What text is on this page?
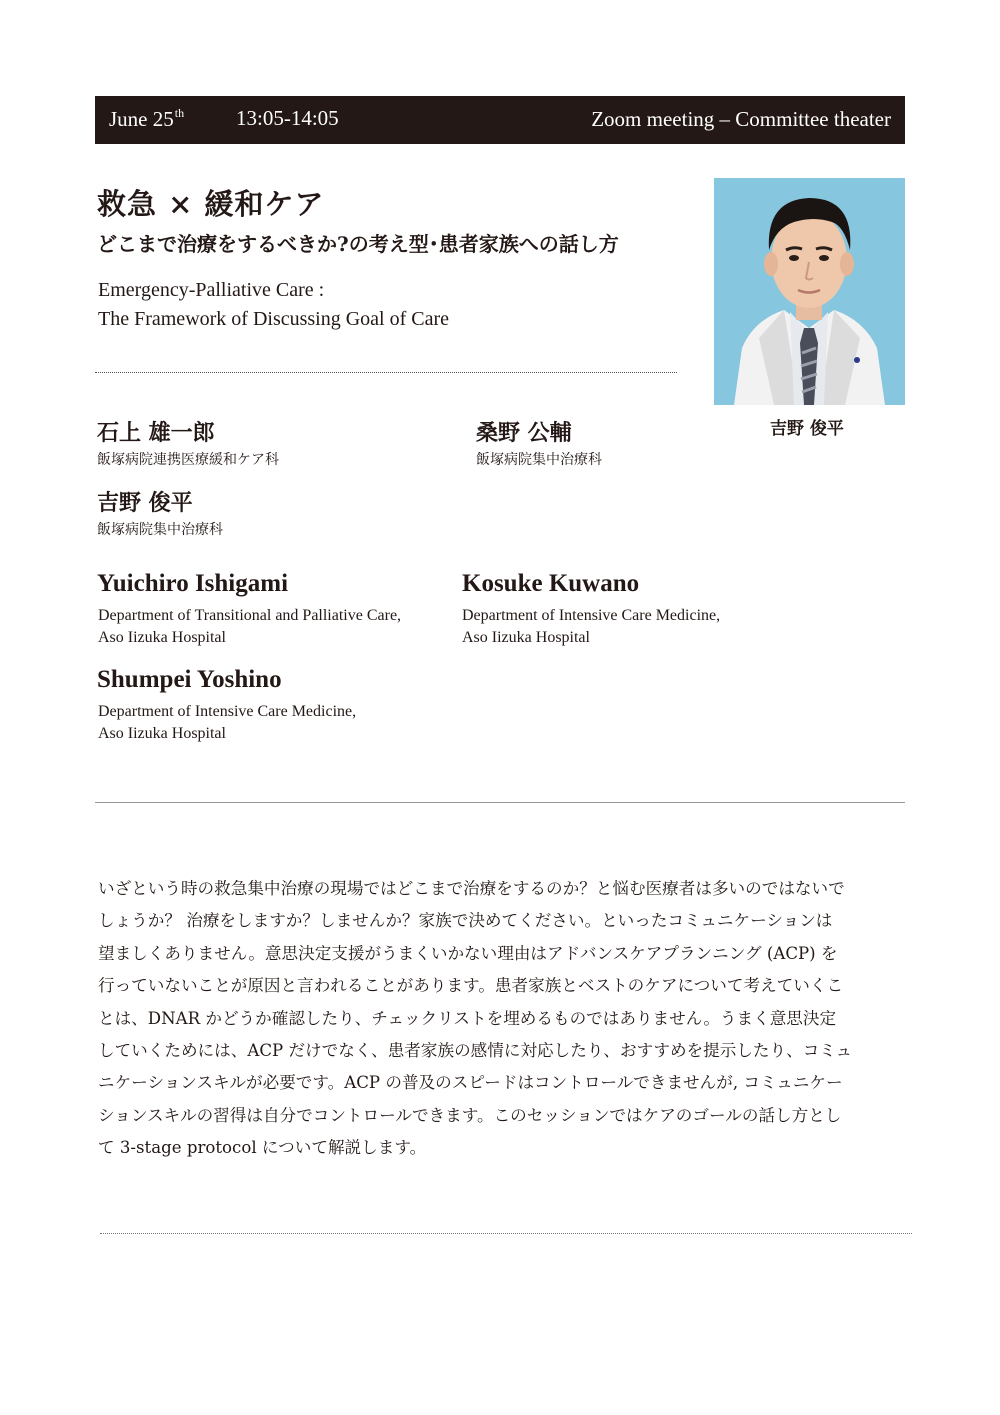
June 25th 13:05-14:05	Zoom meeting – Committee theater
救急 × 緩和ケア
どこまで治療をするべきか?の考え型･患者家族への話し方
Emergency-Palliative Care :
The Framework of Discussing Goal of Care
吉野 俊平
石上 雄一郎
飯塚病院連携医療緩和ケア科
桑野 公輔
飯塚病院集中治療科
吉野 俊平
飯塚病院集中治療科
Yuichiro Ishigami
Department of Transitional and Palliative Care,
Aso Iizuka Hospital
Kosuke Kuwano
Department of Intensive Care Medicine,
Aso Iizuka Hospital
Shumpei Yoshino
Department of Intensive Care Medicine,
Aso Iizuka Hospital
いざという時の救急集中治療の現場ではどこまで治療をするのか？と悩む医療者は多いのではないで
しょうか？ 治療をしますか？しませんか？家族で決めてください。といったコミュニケーションは
望ましくありません。意思決定支援がうまくいかない理由はアドバンスケアプランニング (ACP) を
行っていないことが原因と言われることがあります。患者家族とベストのケアについて考えていくこ
とは、DNAR かどうか確認したり、チェックリストを埋めるものではありません。うまく意思決定
していくためには、ACP だけでなく、患者家族の感情に対応したり、おすすめを提示したり、コミュ
ニケーションスキルが必要です。ACP の普及のスピードはコントロールできませんが, コミュニケー
ションスキルの習得は自分でコントロールできます。このセッションではケアのゴールの話し方とし
て 3-stage protocol について解説します。
